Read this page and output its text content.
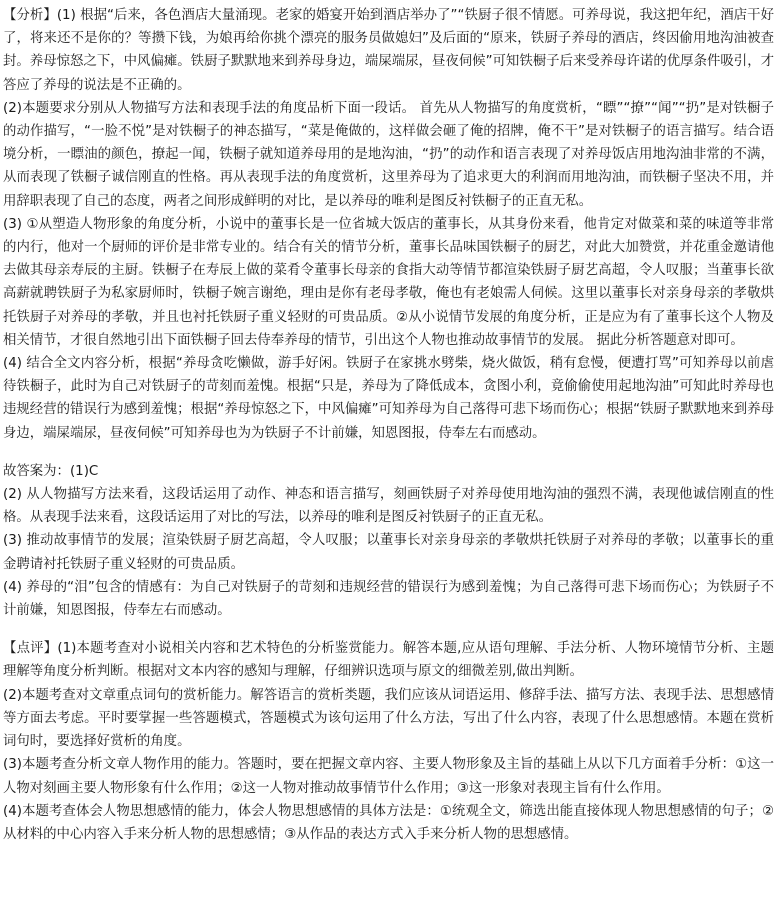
【分析】(1) 根据“后来，各色酒店大量涌现。老家的婚宴开始到酒店举办了”“铁厨子很不情愿。可养母说，我这把年纪，酒店干好了，将来还不是你的？等攒下钱，为娘再给你挑个漂亮的服务员做媳妇”及后面的“原来，铁厨子养母的酒店，终因偷用地沟油被查封。养母惊怒之下，中风偏瘫。铁厨子默默地来到养母身边，端屎端尿，昼夜伺候”可知铁橱子后来受养母许诺的优厚条件吸引，才答应了养母的说法是不正确的。

(2)本题要求分别从人物描写方法和表现手法的角度品析下面一段话。 首先从人物描写的角度赏析，“瞟”“撩”“闻”“扔”是对铁橱子的动作描写，“一脸不悦”是对铁橱子的神态描写，“菜是俺做的，这样做会砸了俺的招牌，俺不干”是对铁橱子的语言描写。结合语境分析，一瞟油的颜色，撩起一闻，铁橱子就知道养母用的是地沟油，“扔”的动作和语言表现了对养母饭店用地沟油非常的不满，从而表现了铁橱子诚信刚直的性格。再从表现手法的角度赏析，这里养母为了追求更大的利润而用地沟油，而铁橱子坚决不用，并用辞职表现了自己的态度，两者之间形成鲜明的对比，是以养母的唯利是图反衬铁橱子的正直无私。

(3) ①从塑造人物形象的角度分析，小说中的董事长是一位省城大饭店的董事长，从其身份来看，他肯定对做菜和菜的味道等非常的内行，他对一个厨师的评价是非常专业的。结合有关的情节分析，董事长品味国铁橱子的厨艺，对此大加赞赏，并花重金邀请他去做其母亲寿辰的主厨。铁橱子在寿辰上做的菜肴令董事长母亲的食指大动等情节都渲染铁厨子厨艺高超，令人叹服；当董事长欲高薪就聘铁厨子为私家厨师时，铁橱子婉言谢绝，理由是你有老母孝敬，俺也有老娘需人伺候。这里以董事长对亲身母亲的孝敬烘托铁厨子对养母的孝敬，并且也衬托铁厨子重义轻财的可贵品质。②从小说情节发展的角度分析，正是应为有了董事长这个人物及相关情节，才很自然地引出下面铁橱子回去侍奉养母的情节，引出这个人物也推动故事情节的发展。 据此分析答题意对即可。

(4) 结合全文内容分析，根据“养母贪吃懒做，游手好闲。铁厨子在家挑水劈柴，烧火做饭，稍有怠慢，便遭打骂”可知养母以前虐待铁橱子，此时为自己对铁厨子的苛刻而羞愧。根据“只是，养母为了降低成本，贪图小利，竟偷偷使用起地沟油”可知此时养母也违规经营的错误行为感到羞愧；根据“养母惊怒之下，中风偏瘫”可知养母为自己落得可悲下场而伤心；根据“铁厨子默默地来到养母身边，端屎端尿，昼夜伺候”可知养母也为为铁厨子不计前嫌，知恩图报，侍奉左右而感动。

故答案为：(1)C

(2) 从人物描写方法来看，这段话运用了动作、神态和语言描写，刻画铁厨子对养母使用地沟油的强烈不满，表现他诚信刚直的性格。从表现手法来看，这段话运用了对比的写法，以养母的唯利是图反衬铁厨子的正直无私。

(3) 推动故事情节的发展；渲染铁厨子厨艺高超，令人叹服；以董事长对亲身母亲的孝敬烘托铁厨子对养母的孝敬；以董事长的重金聘请衬托铁厨子重义轻财的可贵品质。

(4) 养母的“泪”包含的情感有：为自己对铁厨子的苛刻和违规经营的错误行为感到羞愧；为自己落得可悲下场而伤心；为铁厨子不计前嫌，知恩图报，侍奉左右而感动。

【点评】(1)本题考查对小说相关内容和艺术特色的分析鉴赏能力。解答本题,应从语句理解、手法分析、人物环境情节分析、主题理解等角度分析判断。根据对文本内容的感知与理解，仔细辨识选项与原文的细微差别,做出判断。

(2)本题考查对文章重点词句的赏析能力。解答语言的赏析类题，我们应该从词语运用、修辞手法、描写方法、表现手法、思想感情等方面去考虑。平时要掌握一些答题模式，答题模式为该句运用了什么方法，写出了什么内容，表现了什么思想感情。本题在赏析词句时，要选择好赏析的角度。

(3)本题考查分析文章人物作用的能力。答题时，要在把握文章内容、主要人物形象及主旨的基础上从以下几方面着手分析：①这一人物对刻画主要人物形象有什么作用；②这一人物对推动故事情节什么作用；③这一形象对表现主旨有什么作用。

(4)本题考查体会人物思想感情的能力，体会人物思想感情的具体方法是：①统观全文，筛选出能直接体现人物思想感情的句子；②从材料的中心内容入手来分析人物的思想感情；③从作品的表达方式入手来分析人物的思想感情。
